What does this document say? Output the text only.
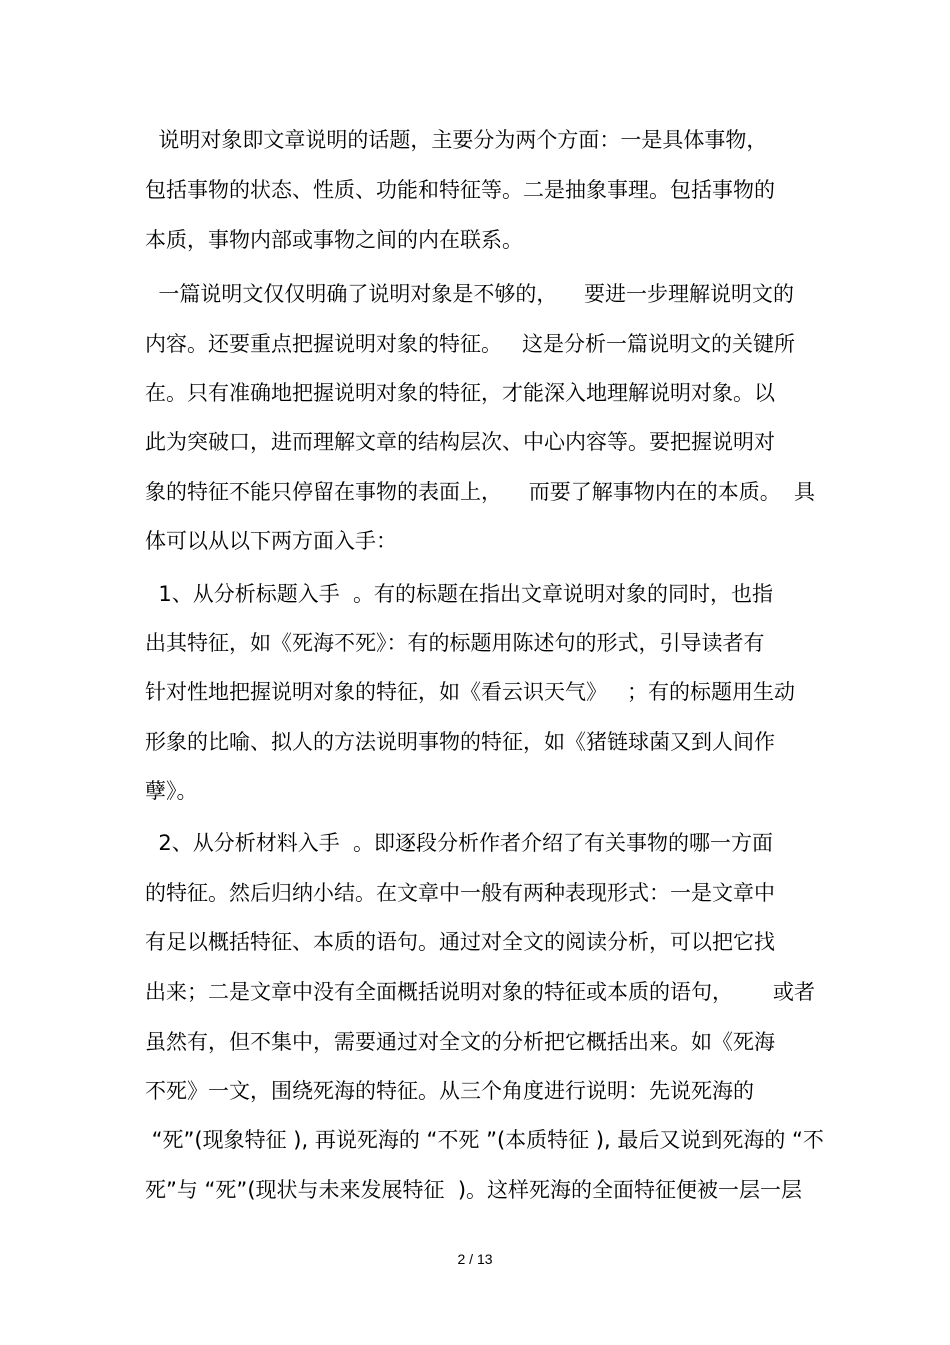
说明对象即文章说明的话题，主要分为两个方面：一是具体事物，
包括事物的状态、性质、功能和特征等。二是抽象事理。包括事物的
本质，事物内部或事物之间的内在联系。
一篇说明文仅仅明确了说明对象是不够的，    要进一步理解说明文的
内容。还要重点把握说明对象的特征。   这是分析一篇说明文的关键所
在。只有准确地把握说明对象的特征，才能深入地理解说明对象。以
此为突破口，进而理解文章的结构层次、中心内容等。要把握说明对
象的特征不能只停留在事物的表面上，    而要了解事物内在的本质。  具
体可以从以下两方面入手：
1、从分析标题入手  。有的标题在指出文章说明对象的同时，也指
出其特征，如《死海不死》：有的标题用陈述句的形式，引导读者有
针对性地把握说明对象的特征，如《看云识天气》   ；有的标题用生动
形象的比喻、拟人的方法说明事物的特征，如《猪链球菌又到人间作
孽》。
2、从分析材料入手  。即逐段分析作者介绍了有关事物的哪一方面
的特征。然后归纳小结。在文章中一般有两种表现形式：一是文章中
有足以概括特征、本质的语句。通过对全文的阅读分析，可以把它找
出来；二是文章中没有全面概括说明对象的特征或本质的语句，      或者
虽然有，但不集中，需要通过对全文的分析把它概括出来。如《死海
不死》一文，围绕死海的特征。从三个角度进行说明：先说死海的
“死”(现象特征 ), 再说死海的 “不死 ”(本质特征 ), 最后又说到死海的 “不
死”与 “死”(现状与未来发展特征  )。这样死海的全面特征便被一层一层
2 / 13
